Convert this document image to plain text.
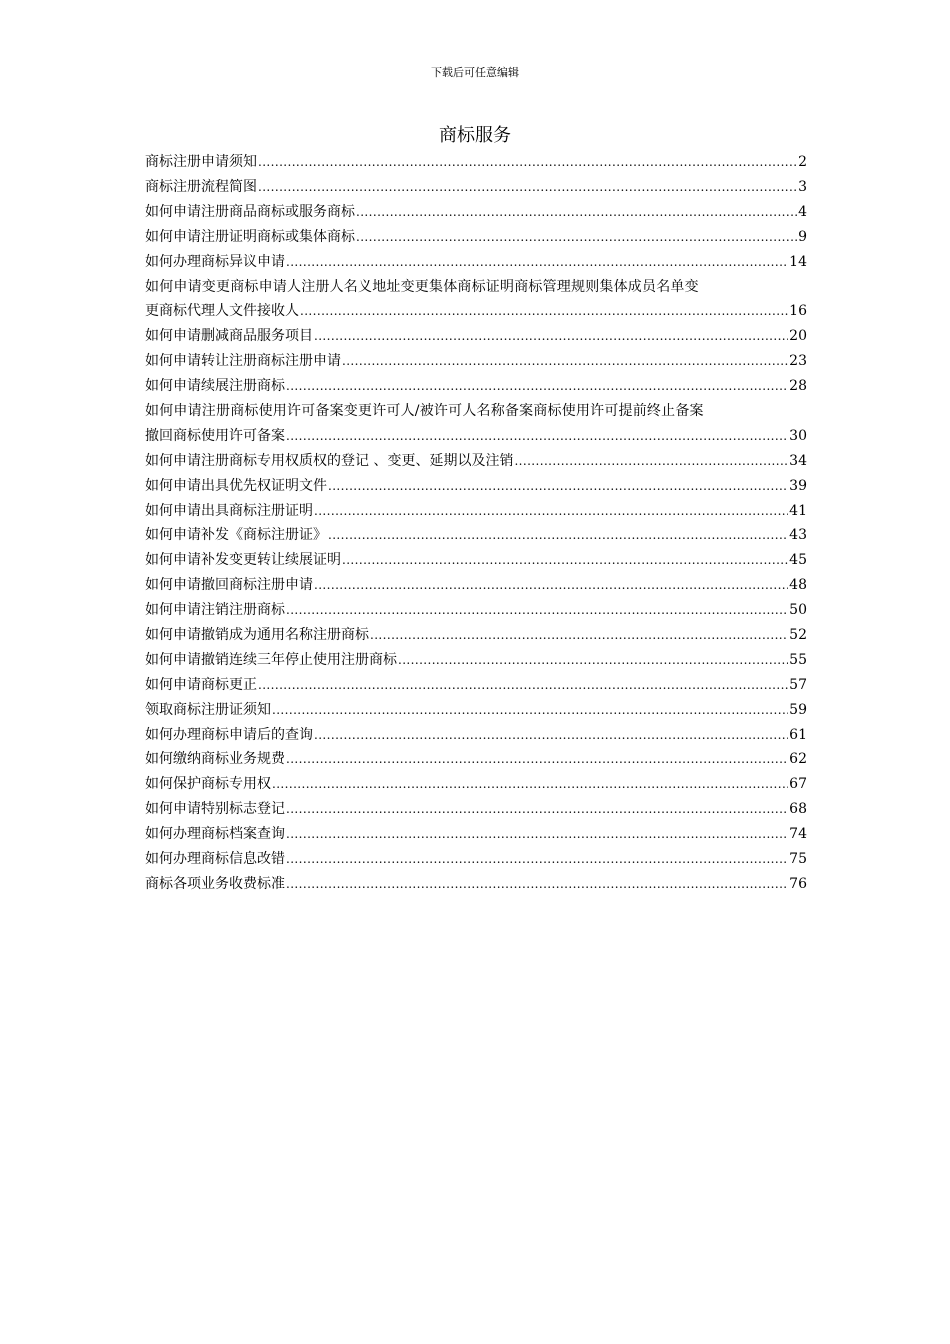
下载后可任意编辑
商标服务
商标注册申请须知 .....	2
商标注册流程简图 .....	3
如何申请注册商品商标或服务商标 .....	4
如何申请注册证明商标或集体商标 .....	9
如何办理商标异议申请 .....	14
如何申请变更商标申请人注册人名义地址变更集体商标证明商标管理规则集体成员名单变
更商标代理人文件接收人 .....	16
如何申请删减商品服务项目 .....	20
如何申请转让注册商标注册申请 .....	23
如何申请续展注册商标 .....	28
如何申请注册商标使用许可备案变更许可人/被许可人名称备案商标使用许可提前终止备案
撤回商标使用许可备案 .....	30
如何申请注册商标专用权质权的登记 、变更、延期以及注销 .....	34
如何申请出具优先权证明文件 .....	39
如何申请出具商标注册证明 .....	41
如何申请补发《商标注册证》 .....	43
如何申请补发变更转让续展证明 .....	45
如何申请撤回商标注册申请 .....	48
如何申请注销注册商标 .....	50
如何申请撤销成为通用名称注册商标 .....	52
如何申请撤销连续三年停止使用注册商标 .....	55
如何申请商标更正 .....	57
领取商标注册证须知 .....	59
如何办理商标申请后的查询 .....	61
如何缴纳商标业务规费 .....	62
如何保护商标专用权 .....	67
如何申请特别标志登记 .....	68
如何办理商标档案查询 .....	74
如何办理商标信息改错 .....	75
商标各项业务收费标准 .....	76
